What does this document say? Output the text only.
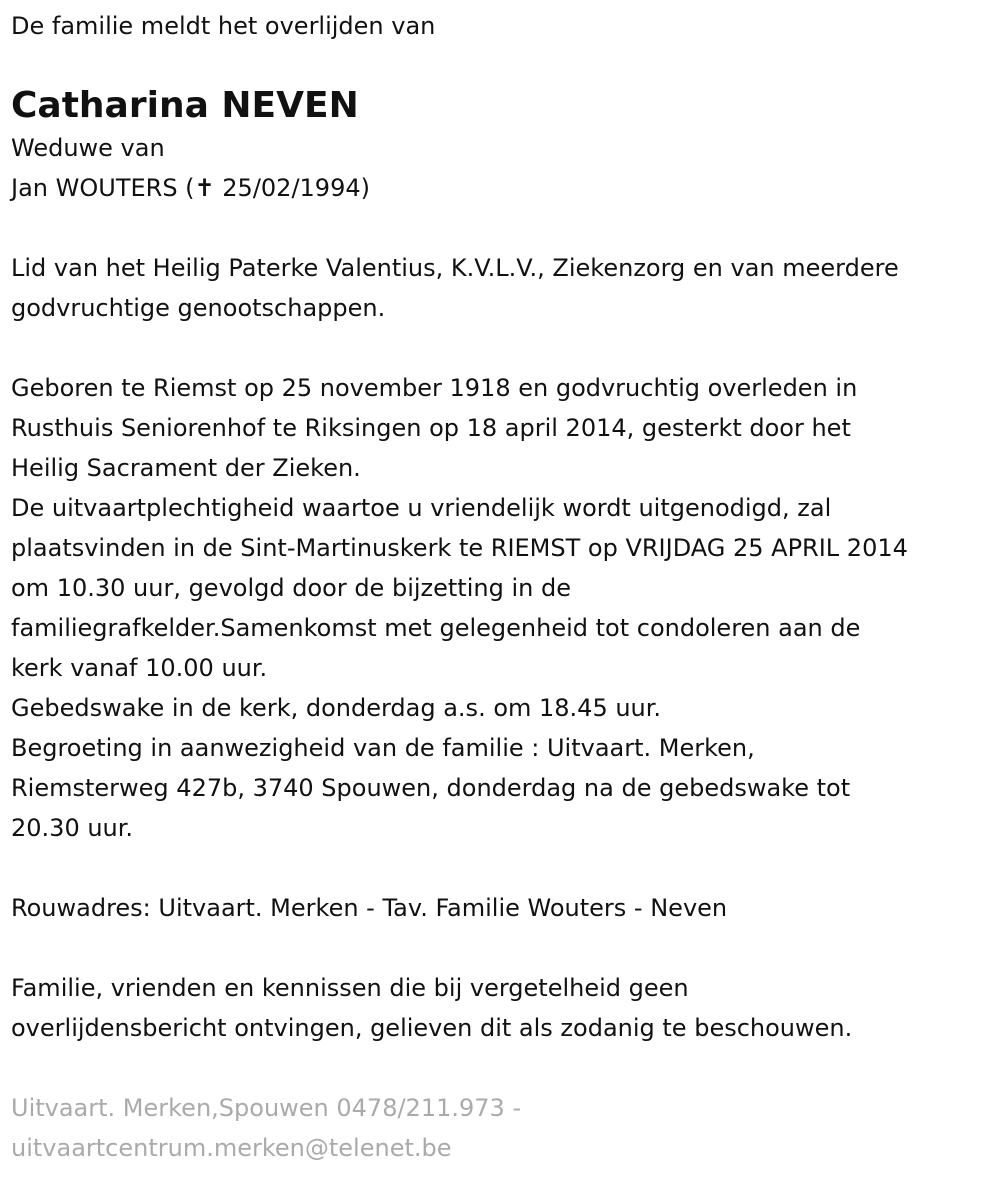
De familie meldt het overlijden van

Catharina NEVEN

Weduwe van

Jan WOUTERS (✝ 25/02/1994)

Lid van het Heilig Paterke Valentius, K.V.L.V., Ziekenzorg en van meerdere

godvruchtige genootschappen.

Geboren te Riemst op 25 november 1918 en godvruchtig overleden in

Rusthuis Seniorenhof te Riksingen op 18 april 2014, gesterkt door het

Heilig Sacrament der Zieken.

De uitvaartplechtigheid waartoe u vriendelijk wordt uitgenodigd, zal

plaatsvinden in de Sint-Martinuskerk te RIEMST op VRIJDAG 25 APRIL 2014

om 10.30 uur, gevolgd door de bijzetting in de

familiegrafkelder.Samenkomst met gelegenheid tot condoleren aan de

kerk vanaf 10.00 uur.

Gebedswake in de kerk, donderdag a.s. om 18.45 uur.

Begroeting in aanwezigheid van de familie : Uitvaart. Merken,

Riemsterweg 427b, 3740 Spouwen, donderdag na de gebedswake tot

20.30 uur.

Rouwadres: Uitvaart. Merken - Tav. Familie Wouters - Neven

Familie, vrienden en kennissen die bij vergetelheid geen

overlijdensbericht ontvingen, gelieven dit als zodanig te beschouwen.

Uitvaart. Merken,Spouwen 0478/211.973 -

uitvaartcentrum.merken@telenet.be
